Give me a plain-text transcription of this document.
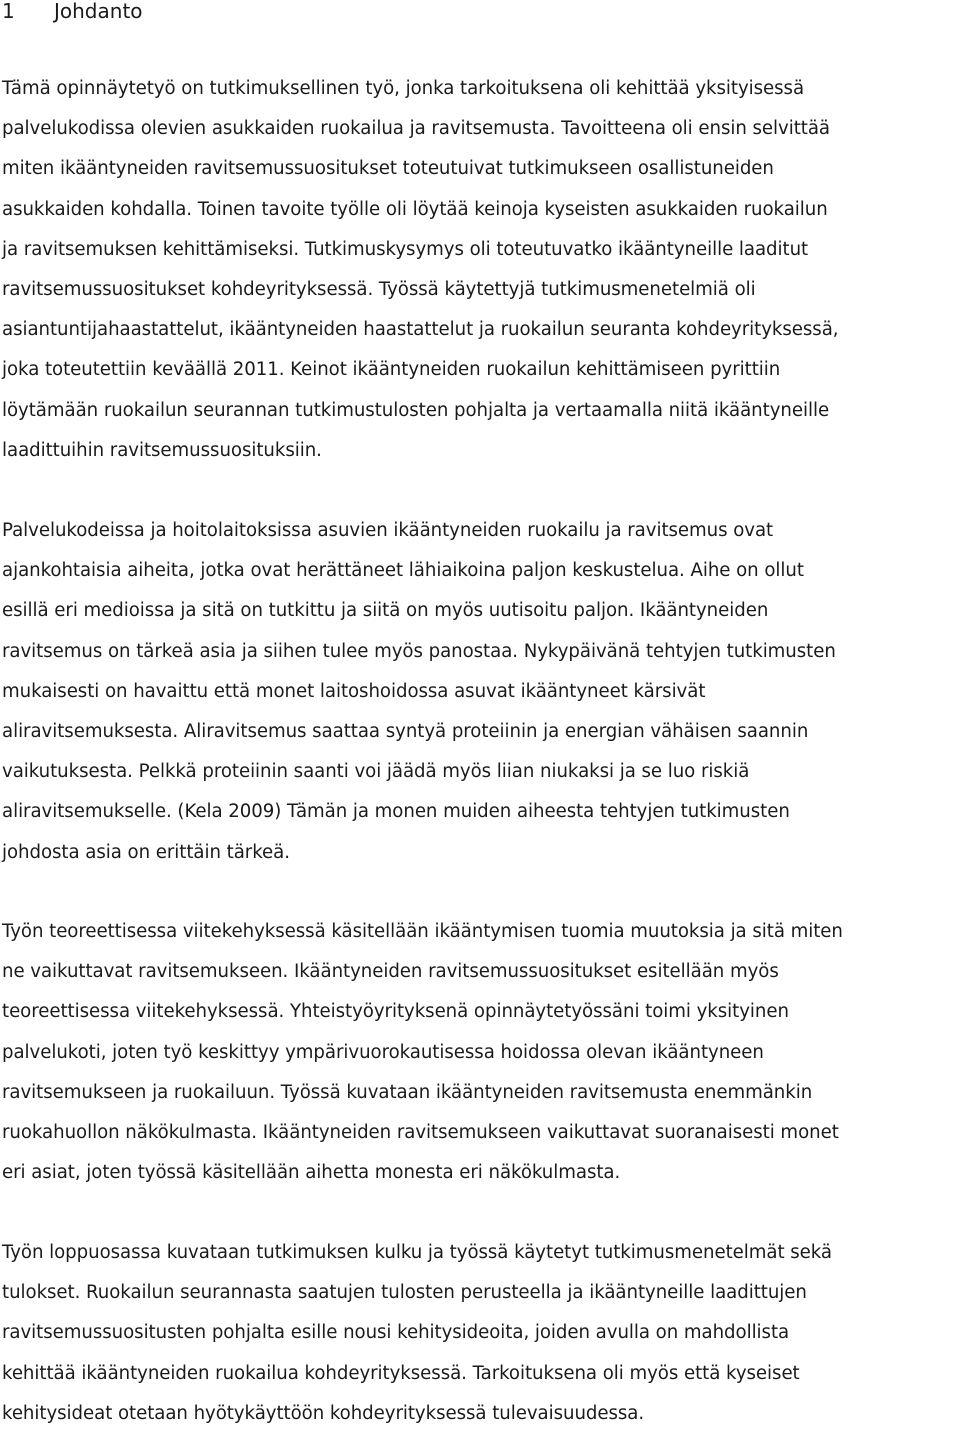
1 Johdanto
Tämä opinnäytetyö on tutkimuksellinen työ, jonka tarkoituksena oli kehittää yksityisessä
palvelukodissa olevien asukkaiden ruokailua ja ravitsemusta. Tavoitteena oli ensin selvittää
miten ikääntyneiden ravitsemussuositukset toteutuivat tutkimukseen osallistuneiden
asukkaiden kohdalla. Toinen tavoite työlle oli löytää keinoja kyseisten asukkaiden ruokailun
ja ravitsemuksen kehittämiseksi. Tutkimuskysymys oli toteutuvatko ikääntyneille laaditut
ravitsemussuositukset kohdeyrityksessä. Työssä käytettyjä tutkimusmenetelmiä oli
asiantuntijahaastattelut, ikääntyneiden haastattelut ja ruokailun seuranta kohdeyrityksessä,
joka toteutettiin keväällä 2011. Keinot ikääntyneiden ruokailun kehittämiseen pyrittiin
löytämään ruokailun seurannan tutkimustulosten pohjalta ja vertaamalla niitä ikääntyneille
laadittuihin ravitsemussuosituksiin.
Palvelukodeissa ja hoitolaitoksissa asuvien ikääntyneiden ruokailu ja ravitsemus ovat
ajankohtaisia aiheita, jotka ovat herättäneet lähiaikoina paljon keskustelua. Aihe on ollut
esillä eri medioissa ja sitä on tutkittu ja siitä on myös uutisoitu paljon. Ikääntyneiden
ravitsemus on tärkeä asia ja siihen tulee myös panostaa. Nykypäivänä tehtyjen tutkimusten
mukaisesti on havaittu että monet laitoshoidossa asuvat ikääntyneet kärsivät
aliravitsemuksesta. Aliravitsemus saattaa syntyä proteiinin ja energian vähäisen saannin
vaikutuksesta. Pelkkä proteiinin saanti voi jäädä myös liian niukaksi ja se luo riskiä
aliravitsemukselle. (Kela 2009) Tämän ja monen muiden aiheesta tehtyjen tutkimusten
johdosta asia on erittäin tärkeä.
Työn teoreettisessa viitekehyksessä käsitellään ikääntymisen tuomia muutoksia ja sitä miten
ne vaikuttavat ravitsemukseen. Ikääntyneiden ravitsemussuositukset esitellään myös
teoreettisessa viitekehyksessä. Yhteistyöyrityksenä opinnäytetyössäni toimi yksityinen
palvelukoti, joten työ keskittyy ympärivuorokautisessa hoidossa olevan ikääntyneen
ravitsemukseen ja ruokailuun. Työssä kuvataan ikääntyneiden ravitsemusta enemmänkin
ruokahuollon näkökulmasta. Ikääntyneiden ravitsemukseen vaikuttavat suoranaisesti monet
eri asiat, joten työssä käsitellään aihetta monesta eri näkökulmasta.
Työn loppuosassa kuvataan tutkimuksen kulku ja työssä käytetyt tutkimusmenetelmät sekä
tulokset. Ruokailun seurannasta saatujen tulosten perusteella ja ikääntyneille laadittujen
ravitsemussuositusten pohjalta esille nousi kehitysideoita, joiden avulla on mahdollista
kehittää ikääntyneiden ruokailua kohdeyrityksessä. Tarkoituksena oli myös että kyseiset
kehitysideat otetaan hyötykäyttöön kohdeyrityksessä tulevaisuudessa.
